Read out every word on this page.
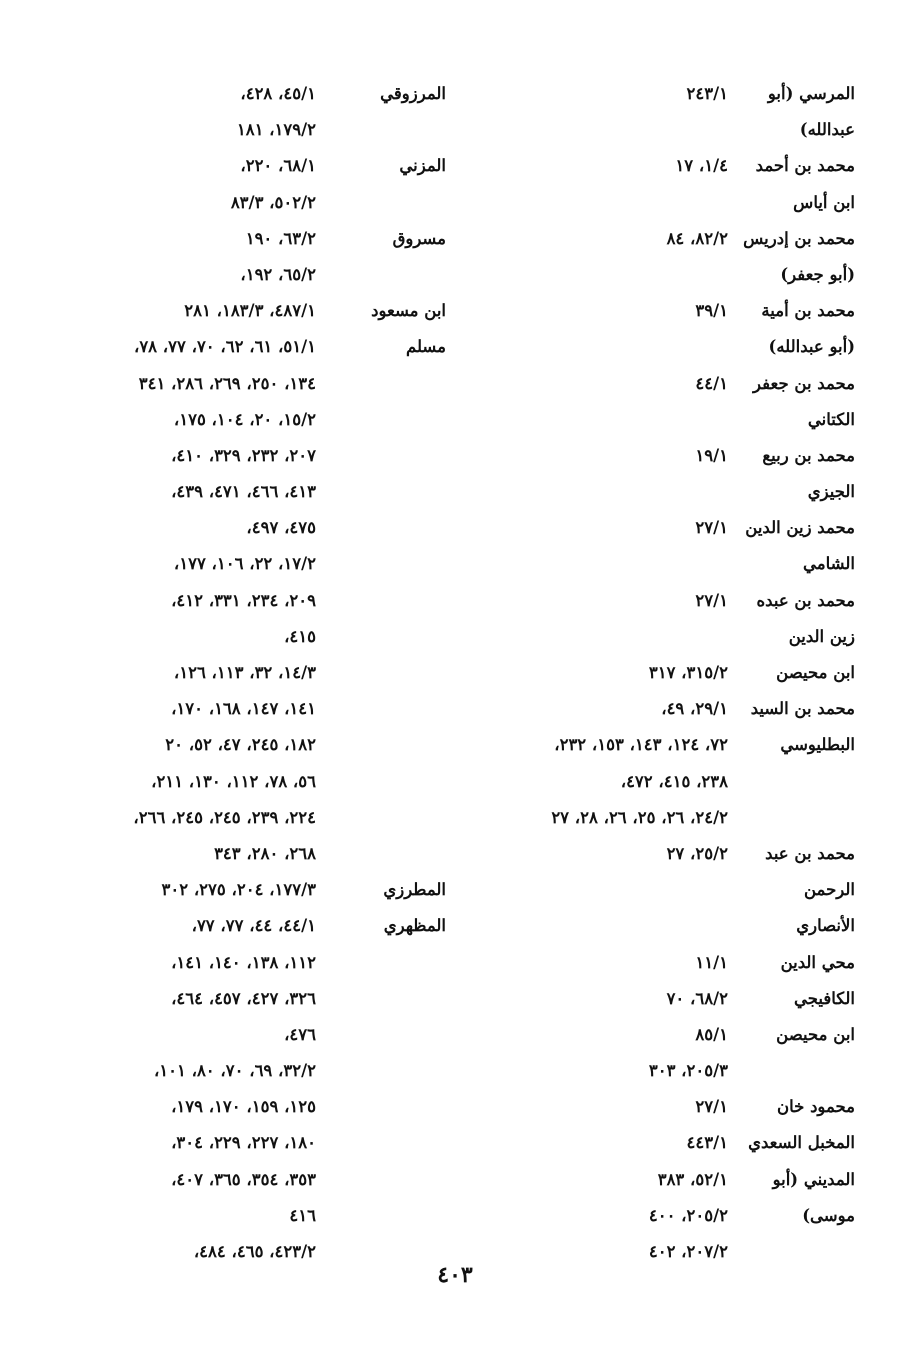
المرسي (أبو
٢٤٣/١
عبدالله)
محمد بن أحمد
١/٤، ١٧
ابن أياس
محمد بن إدريس
٨٢/٢، ٨٤
(أبو جعفر)
محمد بن أمية
٣٩/١
(أبو عبدالله)
محمد بن جعفر
٤٤/١
الكتاني
محمد بن ربيع
١٩/١
الجيزي
محمد زين الدين
٢٧/١
الشامي
محمد بن عبده
٢٧/١
زين الدين
ابن محيصن
٣١٥/٢، ٣١٧
محمد بن السيد
٢٩/١، ٤٩،
البطليوسي
٧٢، ١٢٤، ١٤٣، ١٥٣، ٢٣٢،
٢٣٨، ٤١٥، ٤٧٢،
٢٤/٢، ٢٦، ٢٥، ٢٦، ٢٨، ٢٧
محمد بن عبد
٢٥/٢، ٢٧
الرحمن
الأنصاري
محي الدين
١١/١
الكافيجي
٦٨/٢، ٧٠
ابن محيصن
٨٥/١
٢٠٥/٣، ٣٠٣
محمود خان
٢٧/١
المخبل السعدي
٤٤٣/١
المديني (أبو
٥٢/١، ٣٨٣
موسى)
٢٠٥/٢، ٤٠٠
٢٠٧/٢، ٤٠٢
المرزوقي
٤٥/١، ٤٢٨،
١٧٩/٢، ١٨١
المزني
٦٨/١، ٢٢٠،
٥٠٢/٢، ٨٣/٣
مسروق
٦٣/٢، ١٩٠
٦٥/٢، ١٩٢،
ابن مسعود
٤٨٧/١، ١٨٣/٣، ٢٨١
مسلم
٥١/١، ٦١، ٦٢، ٧٠، ٧٧، ٧٨،
١٣٤، ٢٥٠، ٢٦٩، ٢٨٦، ٣٤١
١٥/٢، ٢٠، ١٠٤، ١٧٥،
٢٠٧، ٢٣٢، ٣٢٩، ٤١٠،
٤١٣، ٤٦٦، ٤٧١، ٤٣٩،
٤٧٥، ٤٩٧،
١٧/٢، ٢٢، ١٠٦، ١٧٧،
٢٠٩، ٢٣٤، ٣٣١، ٤١٢،
٤١٥،
١٤/٣، ٣٢، ١١٣، ١٢٦،
١٤١، ١٤٧، ١٦٨، ١٧٠،
١٨٢، ٢٤٥، ٤٧، ٥٢، ٢٠
٥٦، ٧٨، ١١٢، ١٣٠، ٢١١،
٢٢٤، ٢٣٩، ٢٤٥، ٢٤٥، ٢٦٦،
٢٦٨، ٢٨٠، ٣٤٣
المطرزي
١٧٧/٣، ٢٠٤، ٢٧٥، ٣٠٢
المظهري
٤٤/١، ٤٤، ٧٧، ٧٧،
١١٢، ١٣٨، ١٤٠، ١٤١،
٣٢٦، ٤٢٧، ٤٥٧، ٤٦٤،
٤٧٦،
٣٢/٢، ٦٩، ٧٠، ٨٠، ١٠١،
١٢٥، ١٥٩، ١٧٠، ١٧٩،
١٨٠، ٢٢٧، ٢٢٩، ٣٠٤،
٣٥٣، ٣٥٤، ٣٦٥، ٤٠٧،
٤١٦
٤٢٣/٢، ٤٦٥، ٤٨٤،
٤٠٣
